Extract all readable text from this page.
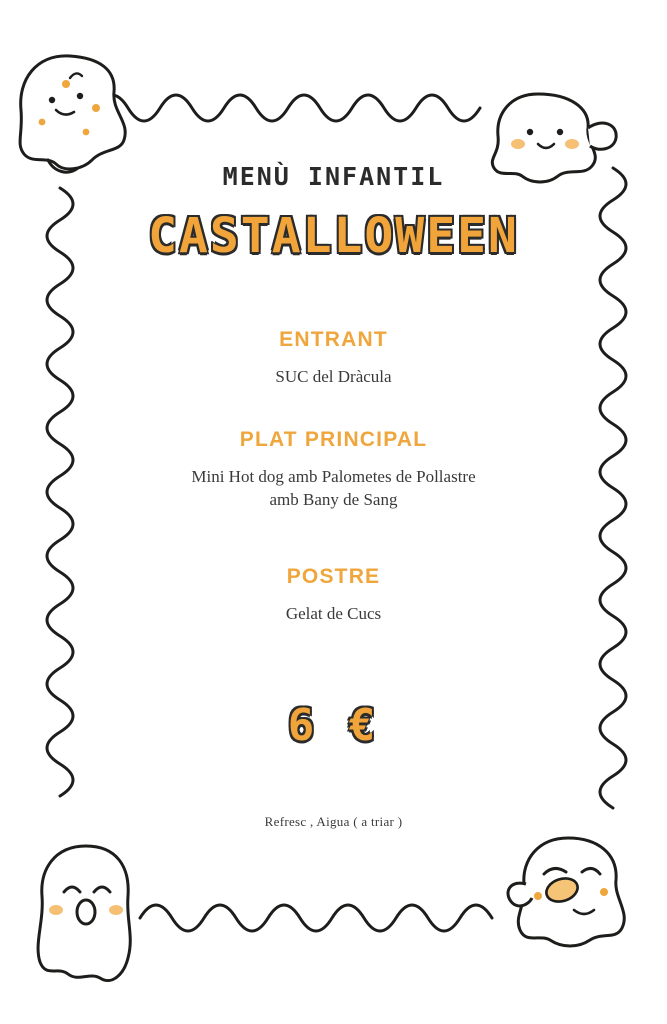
MENÙ INFANTIL
CASTALLOWEEN
ENTRANT
SUC del Dràcula
PLAT PRINCIPAL
Mini Hot dog amb Palometes de Pollastre
amb Bany de Sang
POSTRE
Gelat de Cucs
6 €
Refresc , Aigua ( a triar )
